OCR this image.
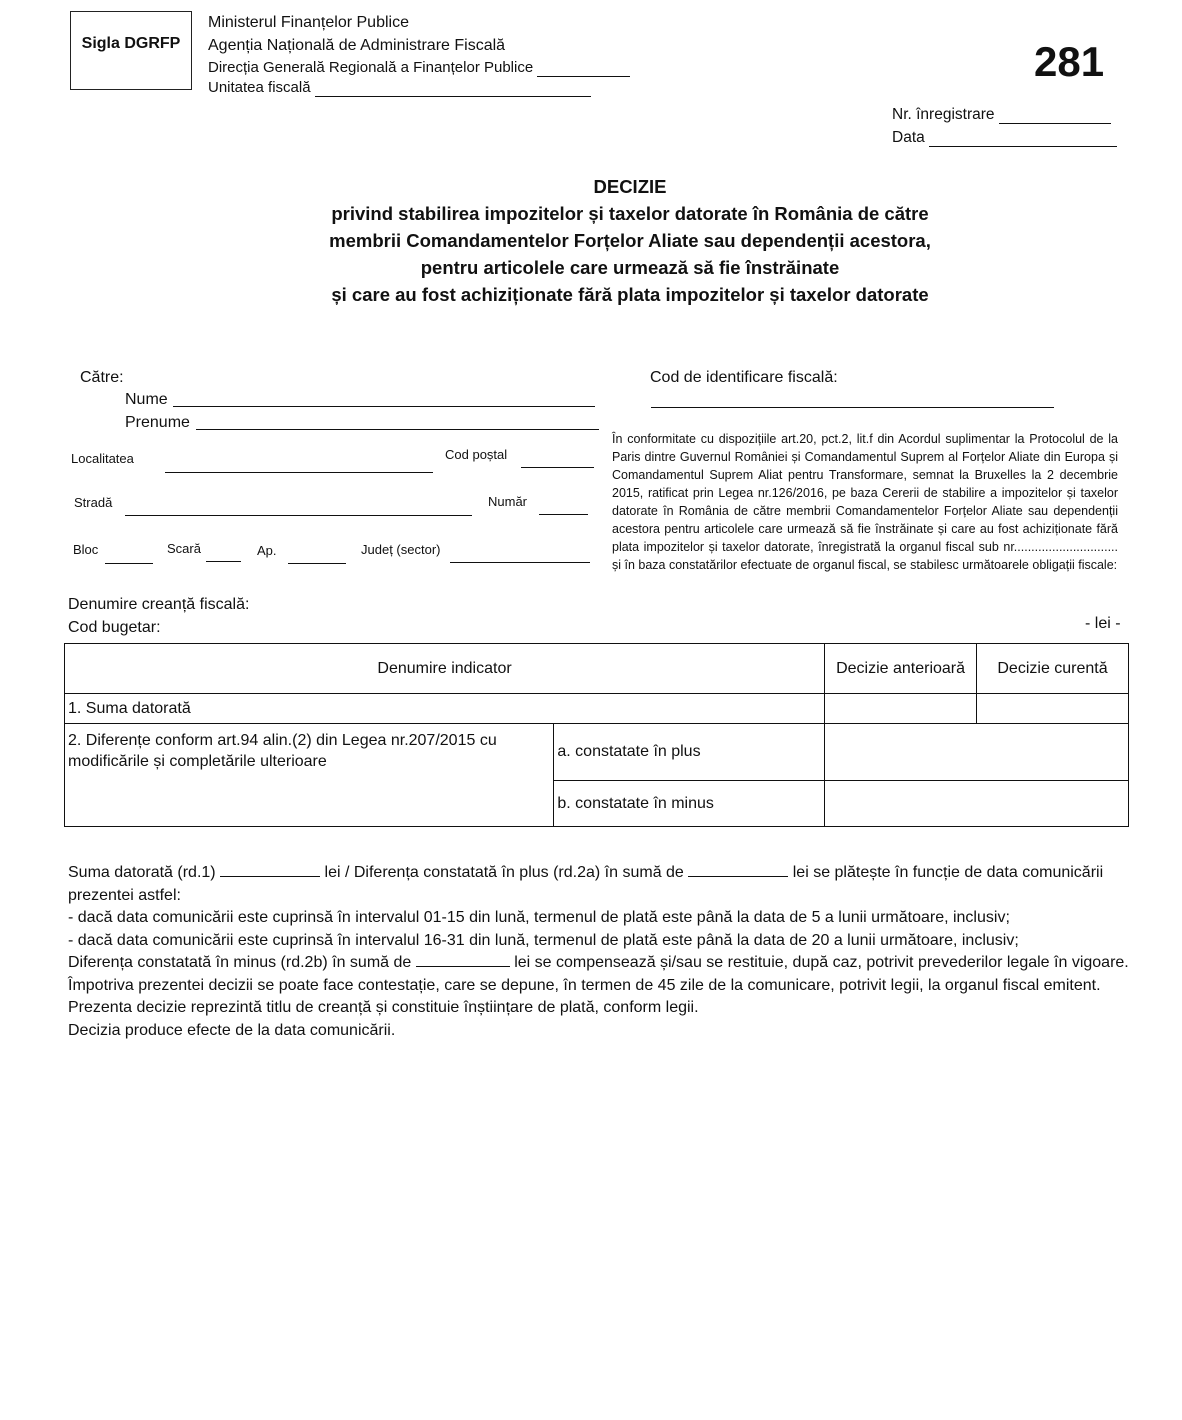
Sigla DGRFP
Ministerul Finanțelor Publice
Agenția Națională de Administrare Fiscală
Direcția Generală Regională a Finanțelor Publice
Unitatea fiscală
281
Nr. înregistrare
Data
DECIZIE
privind stabilirea impozitelor și taxelor datorate în România de către
membrii Comandamentelor Forțelor Aliate sau dependenții acestora,
pentru articolele care urmează să fie înstrăinate
și care au fost achiziționate fără plata impozitelor și taxelor datorate
Către:
Nume
Prenume
Localitatea	Cod poștal
Stradă	Număr
Bloc	Scară	Ap.	Județ (sector)
Cod de identificare fiscală:
În conformitate cu dispozițiile art.20, pct.2, lit.f din Acordul suplimentar la Protocolul de la Paris dintre Guvernul României și Comandamentul Suprem al Forțelor Aliate din Europa și Comandamentul Suprem Aliat pentru Transformare, semnat la Bruxelles la 2 decembrie 2015, ratificat prin Legea nr.126/2016, pe baza Cererii de stabilire a impozitelor și taxelor datorate în România de către membrii Comandamentelor Forțelor Aliate sau dependenții acestora pentru articolele care urmează să fie înstrăinate și care au fost achiziționate fără plata impozitelor și taxelor datorate, înregistrată la organul fiscal sub nr.............................. și în baza constatărilor efectuate de organul fiscal, se stabilesc următoarele obligații fiscale:
Denumire creanță fiscală:
Cod bugetar:	- lei -
Denumire indicator		Decizie anterioară	Decizie curentă
1. Suma datorată			
2. Diferențe conform art.94 alin.(2) din Legea nr.207/2015 cu modificările și completările ulterioare	a. constatate în plus		
	b. constatate în minus		

Suma datorată (rd.1)	lei / Diferența constatată în plus (rd.2a) în sumă de	lei se plătește în funcție de data comunicării prezentei astfel:

- dacă data comunicării este cuprinsă în intervalul 01-15 din lună, termenul de plată este până la data de 5 a lunii următoare, inclusiv;

- dacă data comunicării este cuprinsă în intervalul 16-31 din lună, termenul de plată este până la data de 20 a lunii următoare, inclusiv;

Diferența constatată în minus (rd.2b) în sumă de	lei se compensează și/sau se restituie, după caz, potrivit prevederilor legale în vigoare.

Împotriva prezentei decizii se poate face contestație, care se depune, în termen de 45 zile de la comunicare, potrivit legii, la organul fiscal emitent.

Prezenta decizie reprezintă titlu de creanță și constituie înștiințare de plată, conform legii.

Decizia produce efecte de la data comunicării.
